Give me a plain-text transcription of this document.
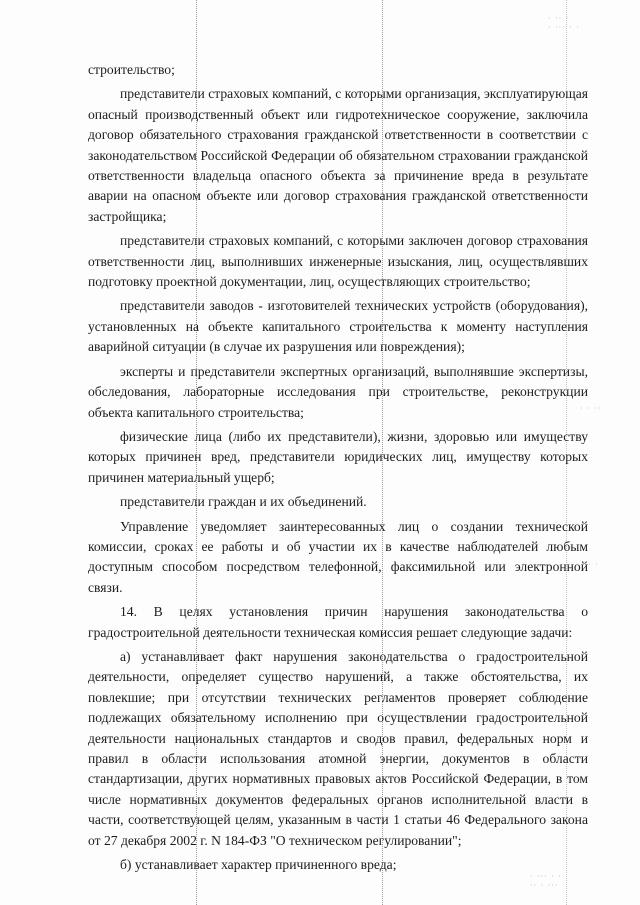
· ·· ·
· ··· · ·
· · ··
· ·
· ··· · ·
·· · ···

строительство;

представители страховых компаний, с которыми организация, эксплуатирующая опасный производственный объект или гидротехническое сооружение, заключила договор обязательного страхования гражданской ответственности в соответствии с законодательством Российской Федерации об обязательном страховании гражданской ответственности владельца опасного объекта за причинение вреда в результате аварии на опасном объекте или договор страхования гражданской ответственности застройщика;

представители страховых компаний, с которыми заключен договор страхования ответственности лиц, выполнивших инженерные изыскания, лиц, осуществлявших подготовку проектной документации, лиц, осуществляющих строительство;

представители заводов - изготовителей технических устройств (оборудования), установленных на объекте капитального строительства к моменту наступления аварийной ситуации (в случае их разрушения или повреждения);

эксперты и представители экспертных организаций, выполнявшие экспертизы, обследования, лабораторные исследования при строительстве, реконструкции объекта капитального строительства;

физические лица (либо их представители), жизни, здоровью или имуществу которых причинен вред, представители юридических лиц, имуществу которых причинен материальный ущерб;

представители граждан и их объединений.

Управление уведомляет заинтересованных лиц о создании технической комиссии, сроках ее работы и об участии их в качестве наблюдателей любым доступным способом посредством телефонной, факсимильной или электронной связи.

14. В целях установления причин нарушения законодательства о градостроительной деятельности техническая комиссия решает следующие задачи:

а) устанавливает факт нарушения законодательства о градостроительной деятельности, определяет существо нарушений, а также обстоятельства, их повлекшие; при отсутствии технических регламентов проверяет соблюдение подлежащих обязательному исполнению при осуществлении градостроительной деятельности национальных стандартов и сводов правил, федеральных норм и правил в области использования атомной энергии, документов в области стандартизации, других нормативных правовых актов Российской Федерации, в том числе нормативных документов федеральных органов исполнительной власти в части, соответствующей целям, указанным в части 1 статьи 46 Федерального закона от 27 декабря 2002 г. N 184-ФЗ "О техническом регулировании";

б) устанавливает характер причиненного вреда;
